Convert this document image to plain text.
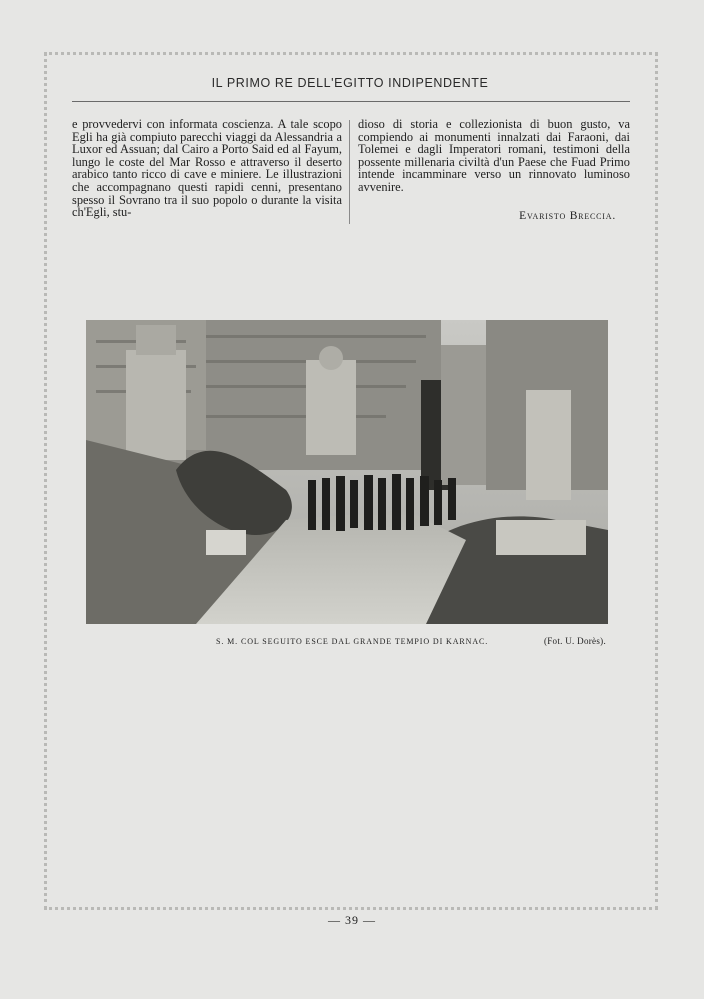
IL PRIMO RE DELL'EGITTO INDIPENDENTE

e provvedervi con informata coscienza. A tale scopo Egli ha già compiuto parecchi viaggi da Alessandria a Luxor ed Assuan; dal Cairo a Porto Said ed al Fayum, lungo le coste del Mar Rosso e attraverso il deserto arabico tanto ricco di cave e miniere. Le illustrazioni che accompagnano questi rapidi cenni, presentano spesso il Sovrano tra il suo popolo o durante la visita ch'Egli, stu-

dioso di storia e collezionista di buon gusto, va compiendo ai monumenti innalzati dai Faraoni, dai Tolemei e dagli Imperatori romani, testimoni della possente millenaria civiltà d'un Paese che Fuad Primo intende incamminare verso un rinnovato luminoso avvenire.

Evaristo Breccia.
S. M. COL SEGUITO ESCE DAL GRANDE TEMPIO DI KARNAC.	(Fot. U. Dorès).
— 39 —
